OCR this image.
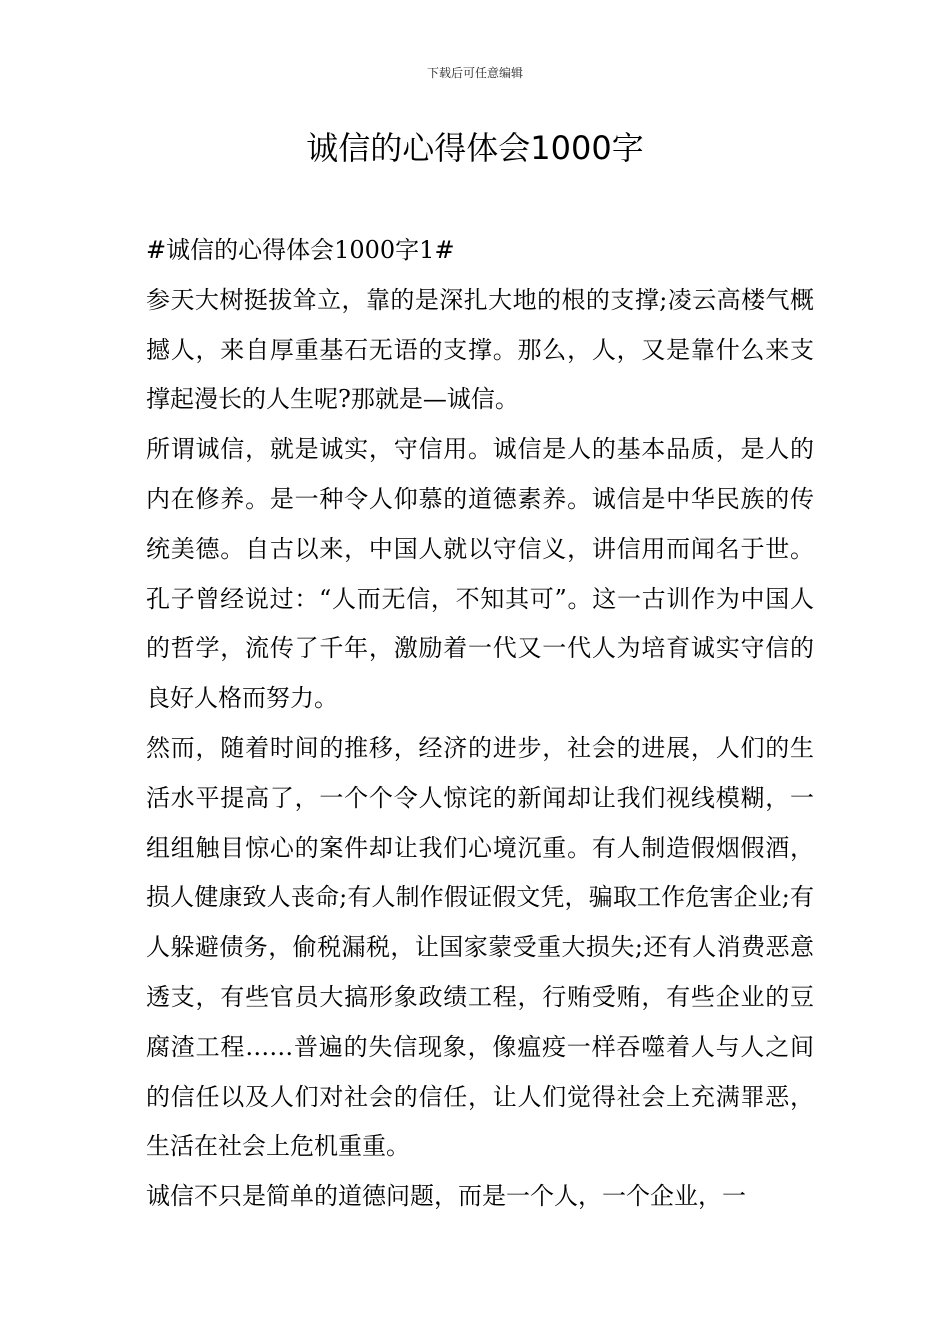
下载后可任意编辑
诚信的心得体会1000字

#诚信的心得体会1000字1#

参天大树挺拔耸立，靠的是深扎大地的根的支撑;凌云高楼气概撼人，来自厚重基石无语的支撑。那么，人，又是靠什么来支撑起漫长的人生呢?那就是—诚信。

所谓诚信，就是诚实，守信用。诚信是人的基本品质，是人的内在修养。是一种令人仰慕的道德素养。诚信是中华民族的传统美德。自古以来，中国人就以守信义，讲信用而闻名于世。孔子曾经说过：“人而无信，不知其可”。这一古训作为中国人的哲学，流传了千年，激励着一代又一代人为培育诚实守信的良好人格而努力。

然而，随着时间的推移，经济的进步，社会的进展，人们的生活水平提高了，一个个令人惊诧的新闻却让我们视线模糊，一组组触目惊心的案件却让我们心境沉重。有人制造假烟假酒，损人健康致人丧命;有人制作假证假文凭，骗取工作危害企业;有人躲避债务，偷税漏税，让国家蒙受重大损失;还有人消费恶意透支，有些官员大搞形象政绩工程，行贿受贿，有些企业的豆腐渣工程……普遍的失信现象，像瘟疫一样吞噬着人与人之间的信任以及人们对社会的信任，让人们觉得社会上充满罪恶，生活在社会上危机重重。

诚信不只是简单的道德问题，而是一个人，一个企业，一
